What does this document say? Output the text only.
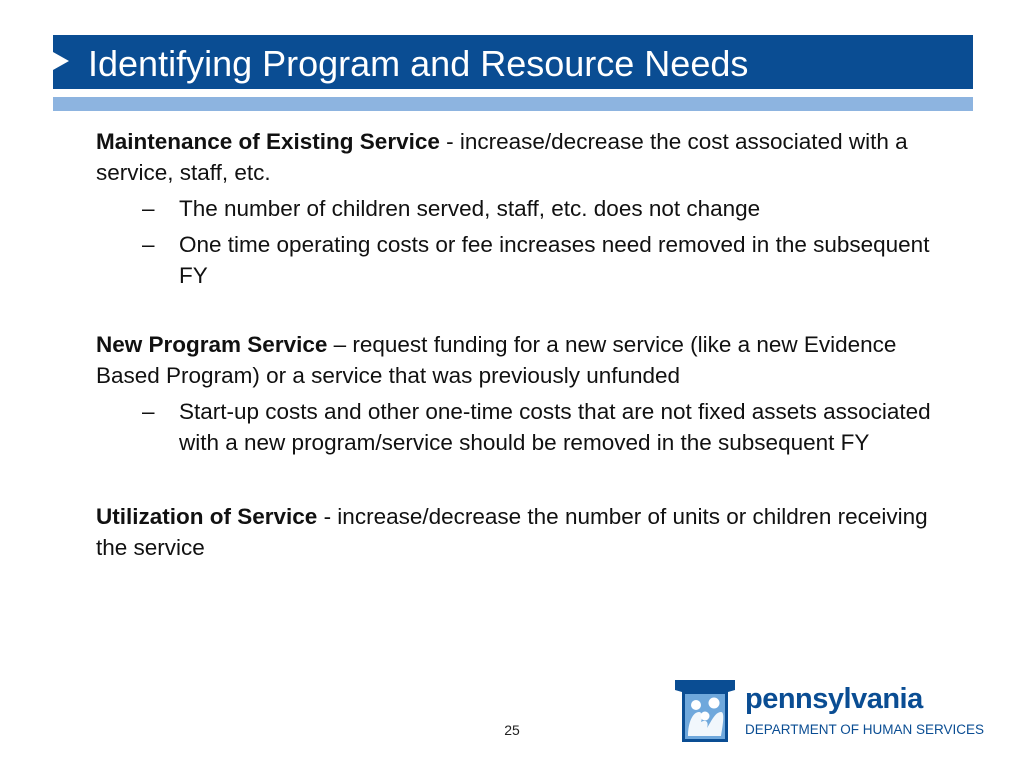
Identifying Program and Resource Needs

Maintenance of Existing Service - increase/decrease the cost associated with a service, staff, etc.

– The number of children served, staff, etc. does not change
– One time operating costs or fee increases need removed in the subsequent FY

New Program Service – request funding for a new service (like a new Evidence Based Program) or a service that was previously unfunded

– Start-up costs and other one-time costs that are not fixed assets associated with a new program/service should be removed in the subsequent FY

Utilization of Service - increase/decrease the number of units or children receiving the service

25
pennsylvania
DEPARTMENT OF HUMAN SERVICES
